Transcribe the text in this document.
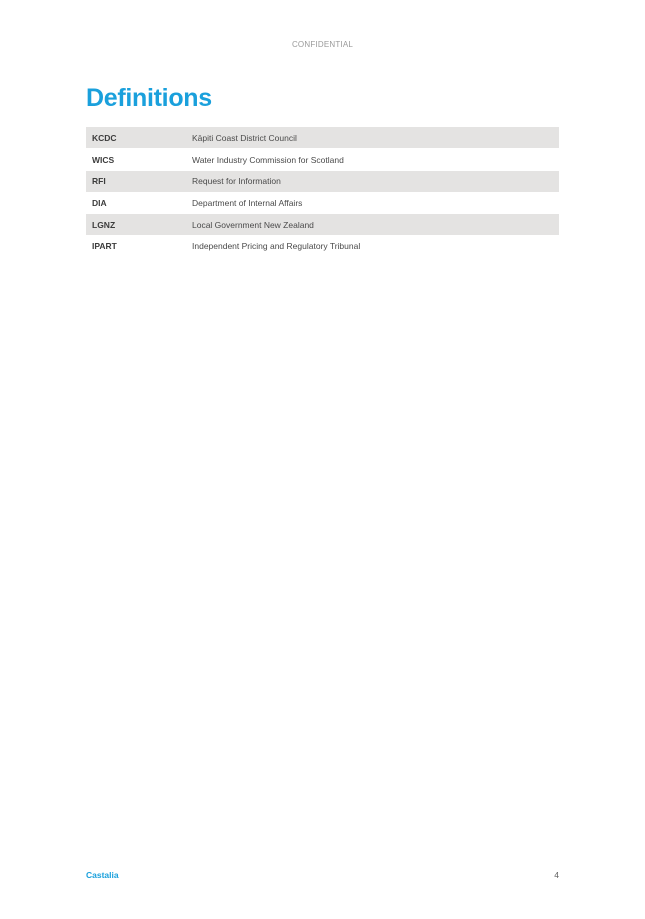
CONFIDENTIAL
Definitions
KCDC	Kāpiti Coast District Council
WICS	Water Industry Commission for Scotland
RFI	Request for Information
DIA	Department of Internal Affairs
LGNZ	Local Government New Zealand
IPART	Independent Pricing and Regulatory Tribunal
Castalia	4
